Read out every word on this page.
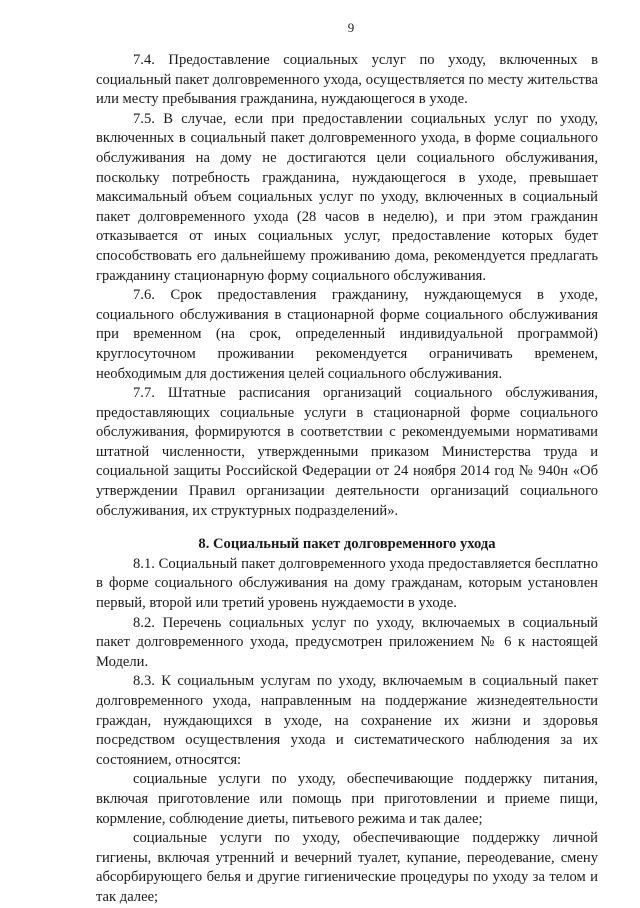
9

7.4. Предоставление социальных услуг по уходу, включенных в социальный пакет долговременного ухода, осуществляется по месту жительства или месту пребывания гражданина, нуждающегося в уходе.

7.5. В случае, если при предоставлении социальных услуг по уходу, включенных в социальный пакет долговременного ухода, в форме социального обслуживания на дому не достигаются цели социального обслуживания, поскольку потребность гражданина, нуждающегося в уходе, превышает максимальный объем социальных услуг по уходу, включенных в социальный пакет долговременного ухода (28 часов в неделю), и при этом гражданин отказывается от иных социальных услуг, предоставление которых будет способствовать его дальнейшему проживанию дома, рекомендуется предлагать гражданину стационарную форму социального обслуживания.

7.6. Срок предоставления гражданину, нуждающемуся в уходе, социального обслуживания в стационарной форме социального обслуживания при временном (на срок, определенный индивидуальной программой) круглосуточном проживании рекомендуется ограничивать временем, необходимым для достижения целей социального обслуживания.

7.7. Штатные расписания организаций социального обслуживания, предоставляющих социальные услуги в стационарной форме социального обслуживания, формируются в соответствии с рекомендуемыми нормативами штатной численности, утвержденными приказом Министерства труда и социальной защиты Российской Федерации от 24 ноября 2014 год № 940н «Об утверждении Правил организации деятельности организаций социального обслуживания, их структурных подразделений».

8. Социальный пакет долговременного ухода

8.1. Социальный пакет долговременного ухода предоставляется бесплатно в форме социального обслуживания на дому гражданам, которым установлен первый, второй или третий уровень нуждаемости в уходе.

8.2. Перечень социальных услуг по уходу, включаемых в социальный пакет долговременного ухода, предусмотрен приложением № 6 к настоящей Модели.

8.3. К социальным услугам по уходу, включаемым в социальный пакет долговременного ухода, направленным на поддержание жизнедеятельности граждан, нуждающихся в уходе, на сохранение их жизни и здоровья посредством осуществления ухода и систематического наблюдения за их состоянием, относятся:

социальные услуги по уходу, обеспечивающие поддержку питания, включая приготовление или помощь при приготовлении и приеме пищи, кормление, соблюдение диеты, питьевого режима и так далее;

социальные услуги по уходу, обеспечивающие поддержку личной гигиены, включая утренний и вечерний туалет, купание, переодевание, смену абсорбирующего белья и другие гигиенические процедуры по уходу за телом и так далее;
